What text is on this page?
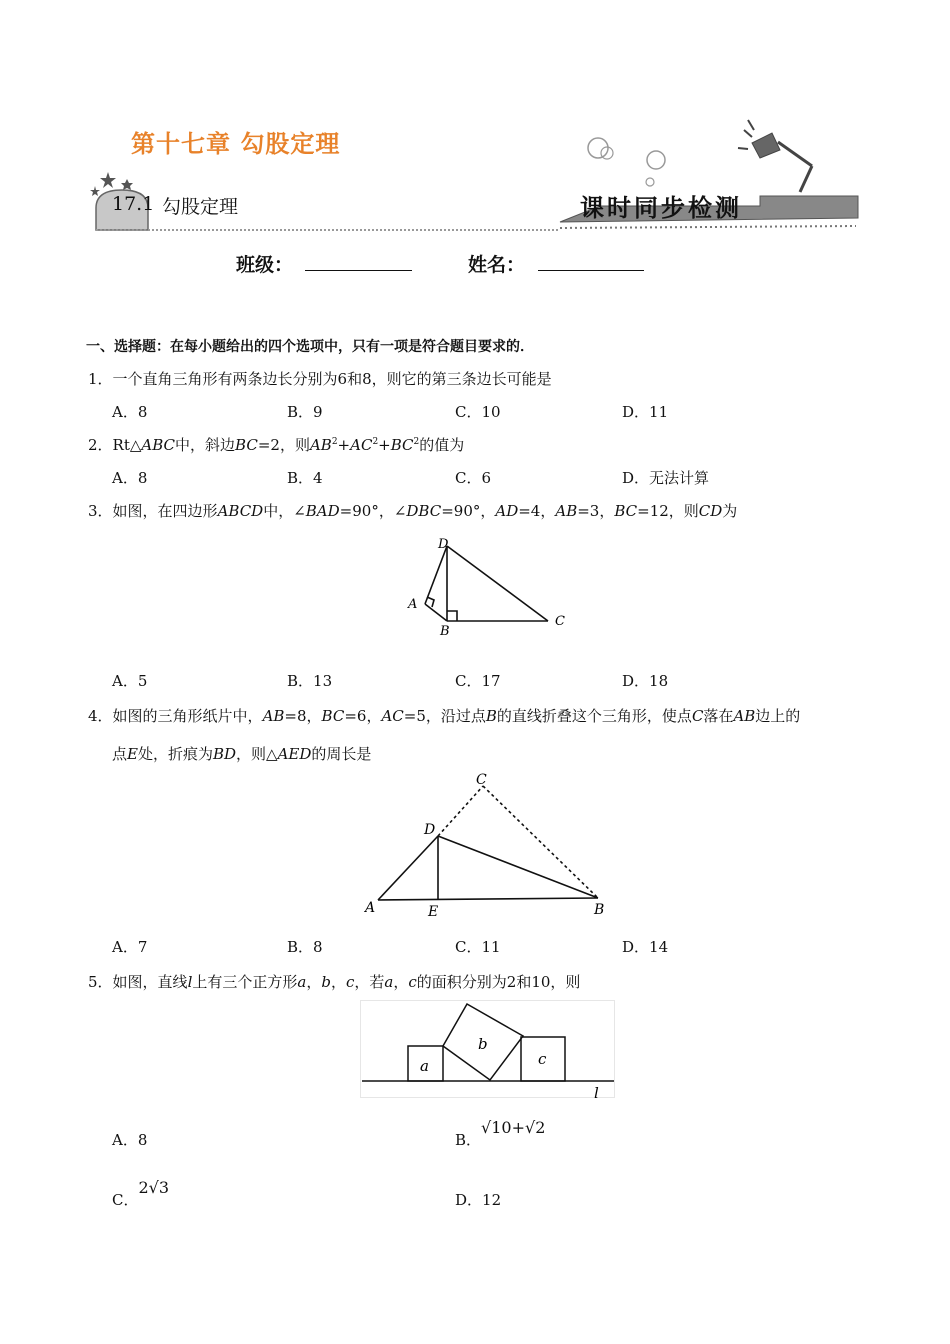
第十七章 勾股定理
17.1 勾股定理	课时同步检测
班级：	姓名：
一、选择题：在每小题给出的四个选项中，只有一项是符合题目要求的．
1．一个直角三角形有两条边长分别为6和8，则它的第三条边长可能是
A．8	B．9	C．10	D．11
2．Rt△ABC中，斜边BC=2，则$AB^2+AC^2+BC^2$的值为
A．8	B．4	C．6	D．无法计算
3．如图，在四边形ABCD中，∠BAD=90°，∠DBC=90°，AD=4，AB=3，BC=12，则CD为
D
A
B
C
A．5	B．13	C．17	D．18
4．如图的三角形纸片中，AB=8，BC=6，AC=5，沿过点B的直线折叠这个三角形，使点C落在AB边上的
点E处，折痕为BD，则△AED的周长是
C
D
A	E	B
A．7	B．8	C．11	D．14
5．如图，直线l上有三个正方形a，b，c，若a，c的面积分别为2和10，则
a
b
c
l
A．8	B．√10+√2
C．2√3
D．12
